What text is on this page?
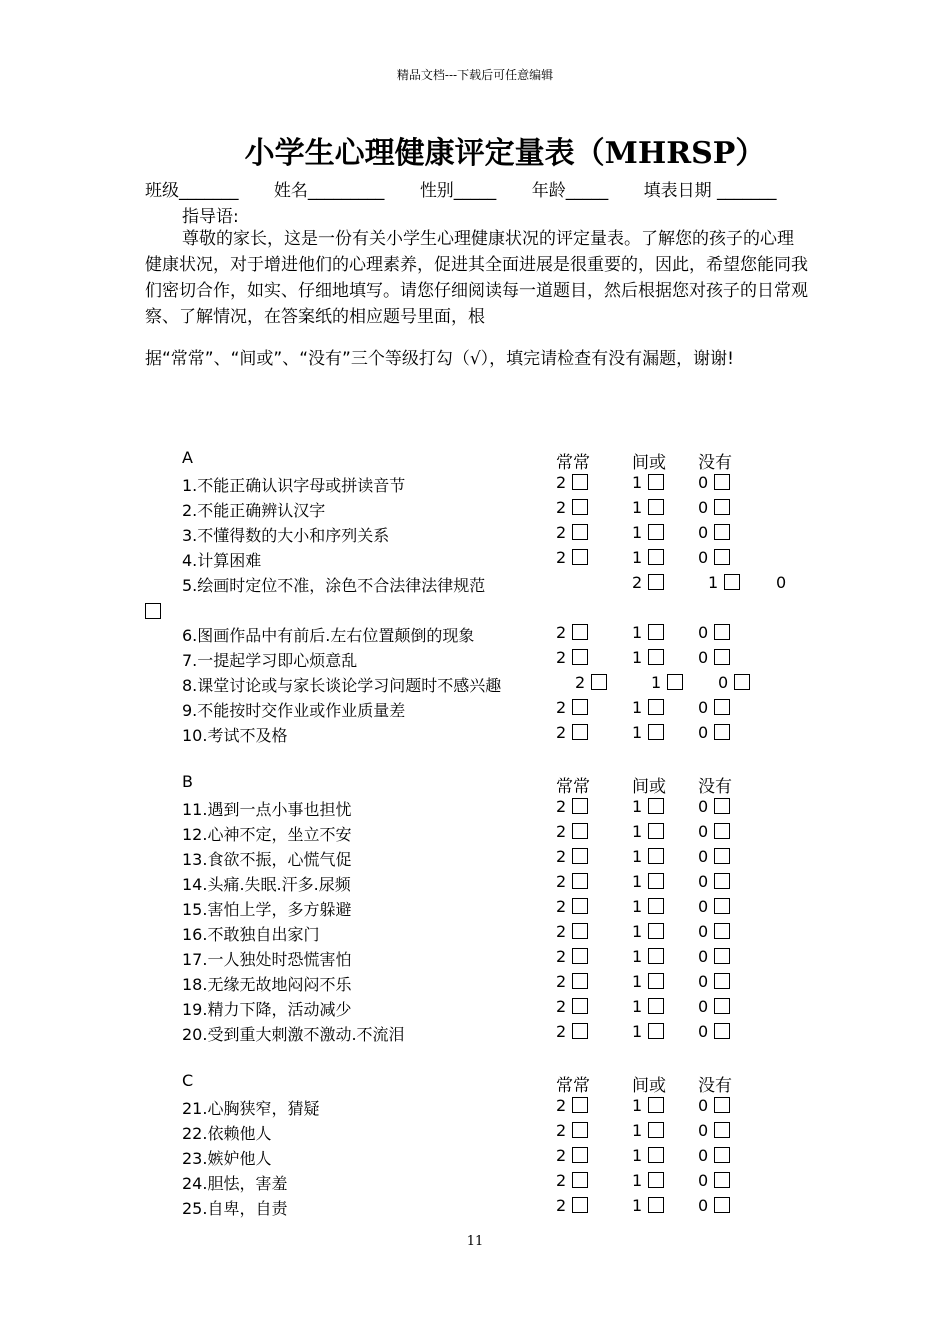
精品文档---下载后可任意编辑
小学生心理健康评定量表（MHRSP）
班级_______ 姓名_________ 性别_____ 年龄_____ 填表日期 _______
指导语:
尊敬的家长，这是一份有关小学生心理健康状况的评定量表。了解您的孩子的心理健康状况，对于增进他们的心理素养，促进其全面进展是很重要的，因此，希望您能同我们密切合作，如实、仔细地填写。请您仔细阅读每一道题目，然后根据您对孩子的日常观察、了解情况，在答案纸的相应题号里面，根
据“常常”、“间或”、“没有”三个等级打勾（√），填完请检查有没有漏题，谢谢!
A	常常 间或 没有
1.不能正确认识字母或拼读音节	2	1	0
2.不能正确辨认汉字	2	1	0
3.不懂得数的大小和序列关系	2	1	0
4.计算困难	2	1	0
5.绘画时定位不准，涂色不合法律法律规范	2	1	0
6.图画作品中有前后.左右位置颠倒的现象	2	1	0
7.一提起学习即心烦意乱	2	1	0
8.课堂讨论或与家长谈论学习问题时不感兴趣	2	1	0
9.不能按时交作业或作业质量差	2	1	0
10.考试不及格	2	1	0
B	常常 间或 没有
11.遇到一点小事也担忧	2	1	0
12.心神不定，坐立不安	2	1	0
13.食欲不振，心慌气促	2	1	0
14.头痛.失眠.汗多.尿频	2	1	0
15.害怕上学，多方躲避	2	1	0
16.不敢独自出家门	2	1	0
17.一人独处时恐慌害怕	2	1	0
18.无缘无故地闷闷不乐	2	1	0
19.精力下降，活动减少	2	1	0
20.受到重大刺激不激动.不流泪	2	1	0
C	常常 间或 没有
21.心胸狭窄，猜疑	2	1	0
22.依赖他人	2	1	0
23.嫉妒他人	2	1	0
24.胆怯，害羞	2	1	0
25.自卑，自责	2	1	0
11
